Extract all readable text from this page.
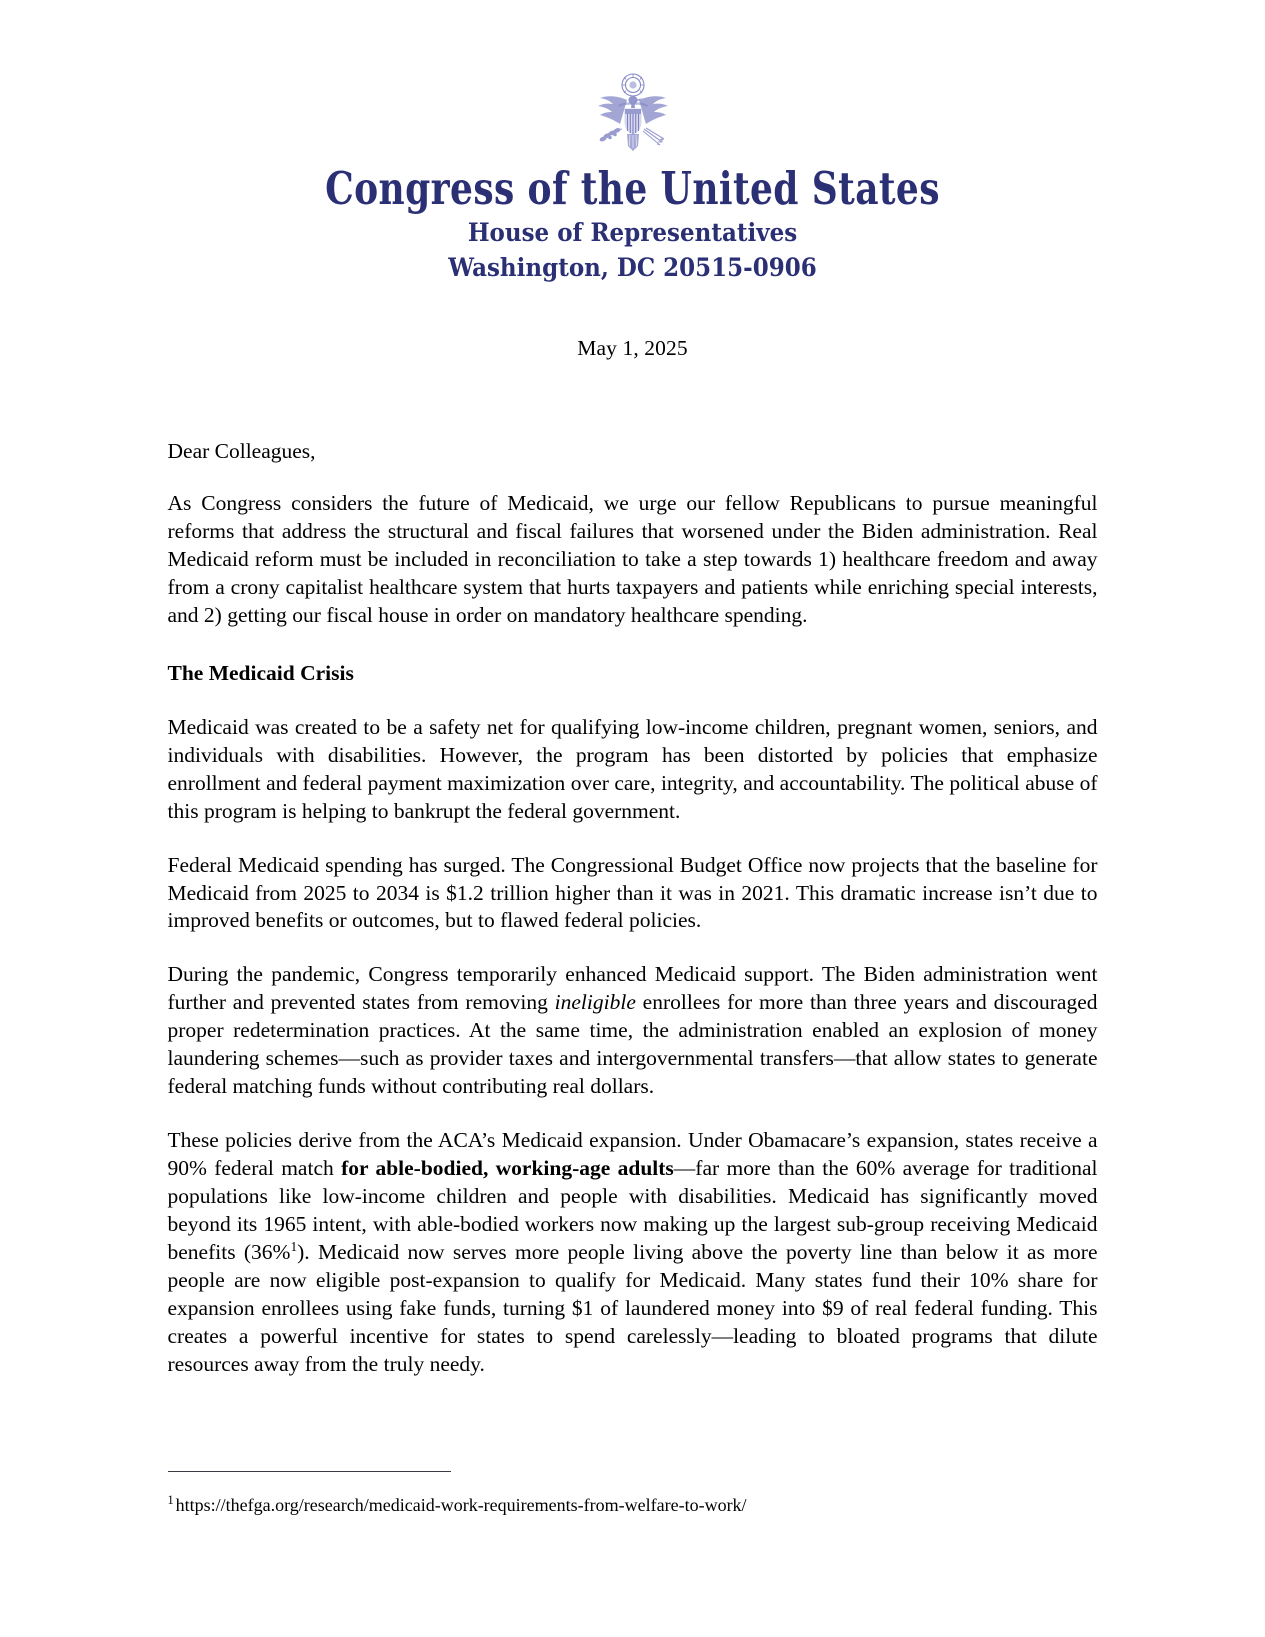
Congress of the United States
House of Representatives
Washington, DC 20515-0906
May 1, 2025
Dear Colleagues,

As Congress considers the future of Medicaid, we urge our fellow Republicans to pursue meaningful reforms that address the structural and fiscal failures that worsened under the Biden administration. Real Medicaid reform must be included in reconciliation to take a step towards 1) healthcare freedom and away from a crony capitalist healthcare system that hurts taxpayers and patients while enriching special interests, and 2) getting our fiscal house in order on mandatory healthcare spending.

The Medicaid Crisis

Medicaid was created to be a safety net for qualifying low-income children, pregnant women, seniors, and individuals with disabilities. However, the program has been distorted by policies that emphasize enrollment and federal payment maximization over care, integrity, and accountability. The political abuse of this program is helping to bankrupt the federal government.

Federal Medicaid spending has surged. The Congressional Budget Office now projects that the baseline for Medicaid from 2025 to 2034 is $1.2 trillion higher than it was in 2021. This dramatic increase isn’t due to improved benefits or outcomes, but to flawed federal policies.

During the pandemic, Congress temporarily enhanced Medicaid support. The Biden administration went further and prevented states from removing ineligible enrollees for more than three years and discouraged proper redetermination practices. At the same time, the administration enabled an explosion of money laundering schemes—such as provider taxes and intergovernmental transfers—that allow states to generate federal matching funds without contributing real dollars.

These policies derive from the ACA’s Medicaid expansion. Under Obamacare’s expansion, states receive a 90% federal match for able-bodied, working-age adults—far more than the 60% average for traditional populations like low-income children and people with disabilities. Medicaid has significantly moved beyond its 1965 intent, with able-bodied workers now making up the largest sub-group receiving Medicaid benefits (36%$^1$). Medicaid now serves more people living above the poverty line than below it as more people are now eligible post-expansion to qualify for Medicaid. Many states fund their 10% share for expansion enrollees using fake funds, turning $1 of laundered money into $9 of real federal funding. This creates a powerful incentive for states to spend carelessly—leading to bloated programs that dilute resources away from the truly needy.

$^1$ https://thefga.org/research/medicaid-work-requirements-from-welfare-to-work/
